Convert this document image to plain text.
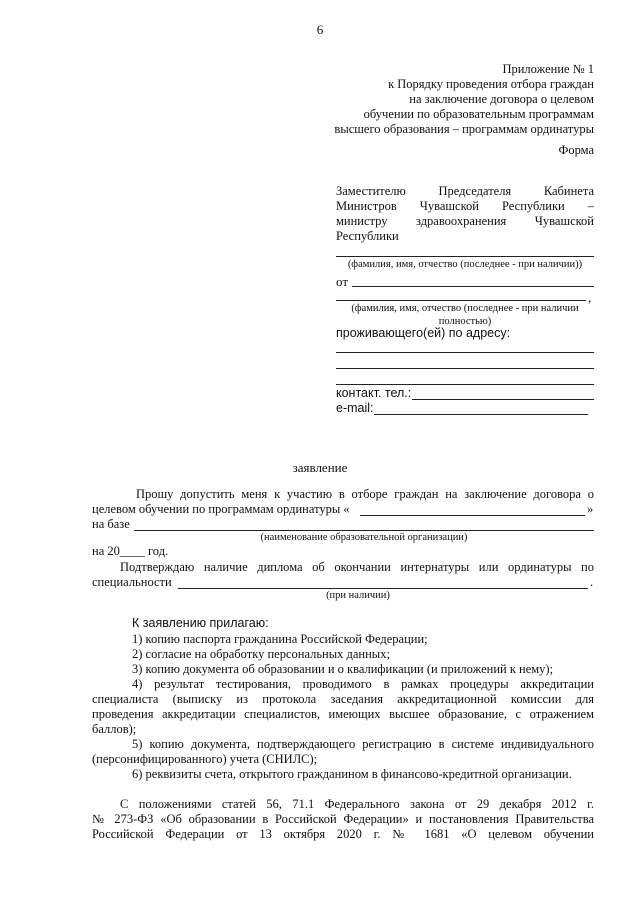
6
Приложение № 1
к Порядку проведения отбора граждан
на заключение договора о целевом
обучении по образовательным программам
высшего образования – программам ординатуры
Форма
Заместителю Председателя Кабинета
Министров Чувашской Республики –
министру здравоохранения Чувашской
Республики
(фамилия, имя, отчество (последнее - при наличии))
от
,
(фамилия, имя, отчество (последнее - при наличии
полностью)
проживающего(ей) по адресу:
контакт. тел.:
e-mail:
заявление
Прошу допустить меня к участию в отборе граждан на заключение договора о
целевом обучении по программам ординатуры «	»
на базе
(наименование образовательной организации)
на 20____ год.
Подтверждаю наличие диплома об окончании интернатуры или ординатуры по
специальности	.
(при наличии)
К заявлению прилагаю:
1) копию паспорта гражданина Российской Федерации;
2) согласие на обработку персональных данных;
3) копию документа об образовании и о квалификации (и приложений к нему);
4) результат тестирования, проводимого в рамках процедуры аккредитации
специалиста (выписку из протокола заседания аккредитационной комиссии для
проведения аккредитации специалистов, имеющих высшее образование, с отражением
баллов);
5) копию документа, подтверждающего регистрацию в системе индивидуального
(персонифицированного) учета (СНИЛС);
6) реквизиты счета, открытого гражданином в финансово-кредитной организации.
С положениями статей 56, 71.1 Федерального закона от 29 декабря 2012 г.
№ 273-ФЗ «Об образовании в Российской Федерации» и постановления Правительства
Российской Федерации от 13 октября 2020 г. № 1681 «О целевом обучении
